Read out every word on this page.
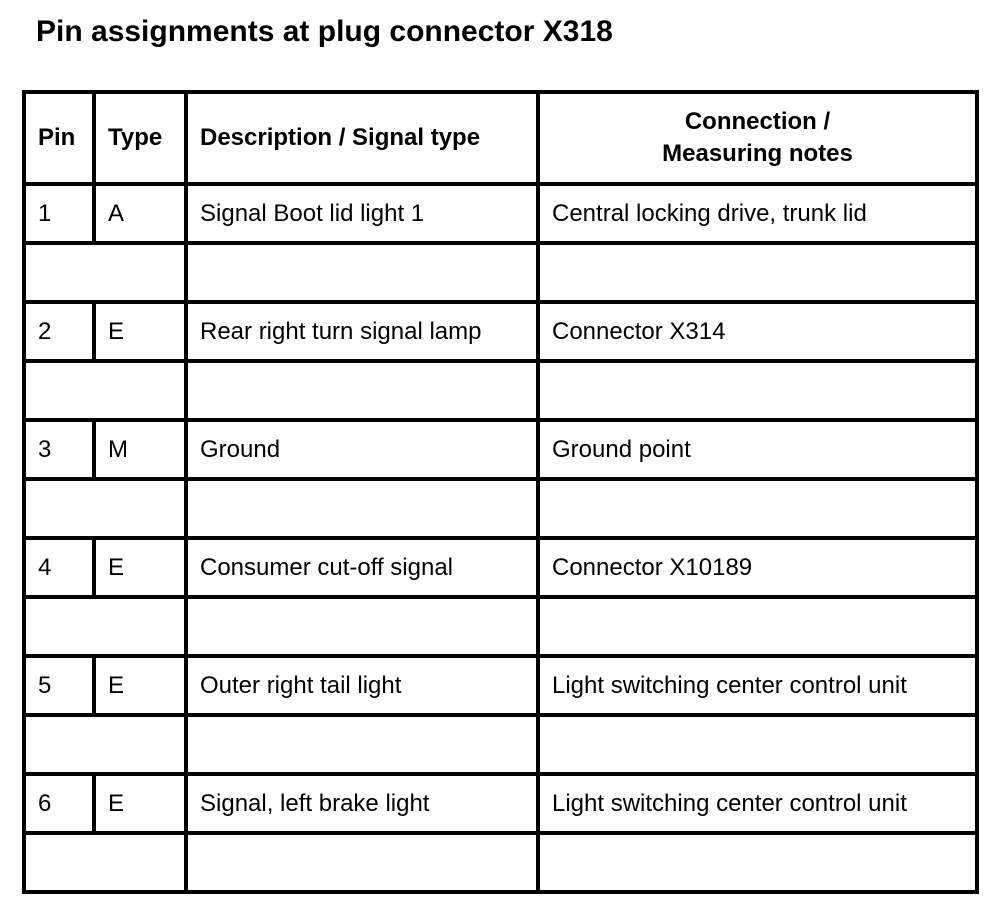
Pin assignments at plug connector X318
Pin	Type	Description / Signal type	Connection /
Measuring notes

1	A	Signal Boot lid light 1	Central locking drive, trunk lid

2	E	Rear right turn signal lamp	Connector X314

3	M	Ground	Ground point

4	E	Consumer cut-off signal	Connector X10189

5	E	Outer right tail light	Light switching center control unit

6	E	Signal, left brake light	Light switching center control unit
